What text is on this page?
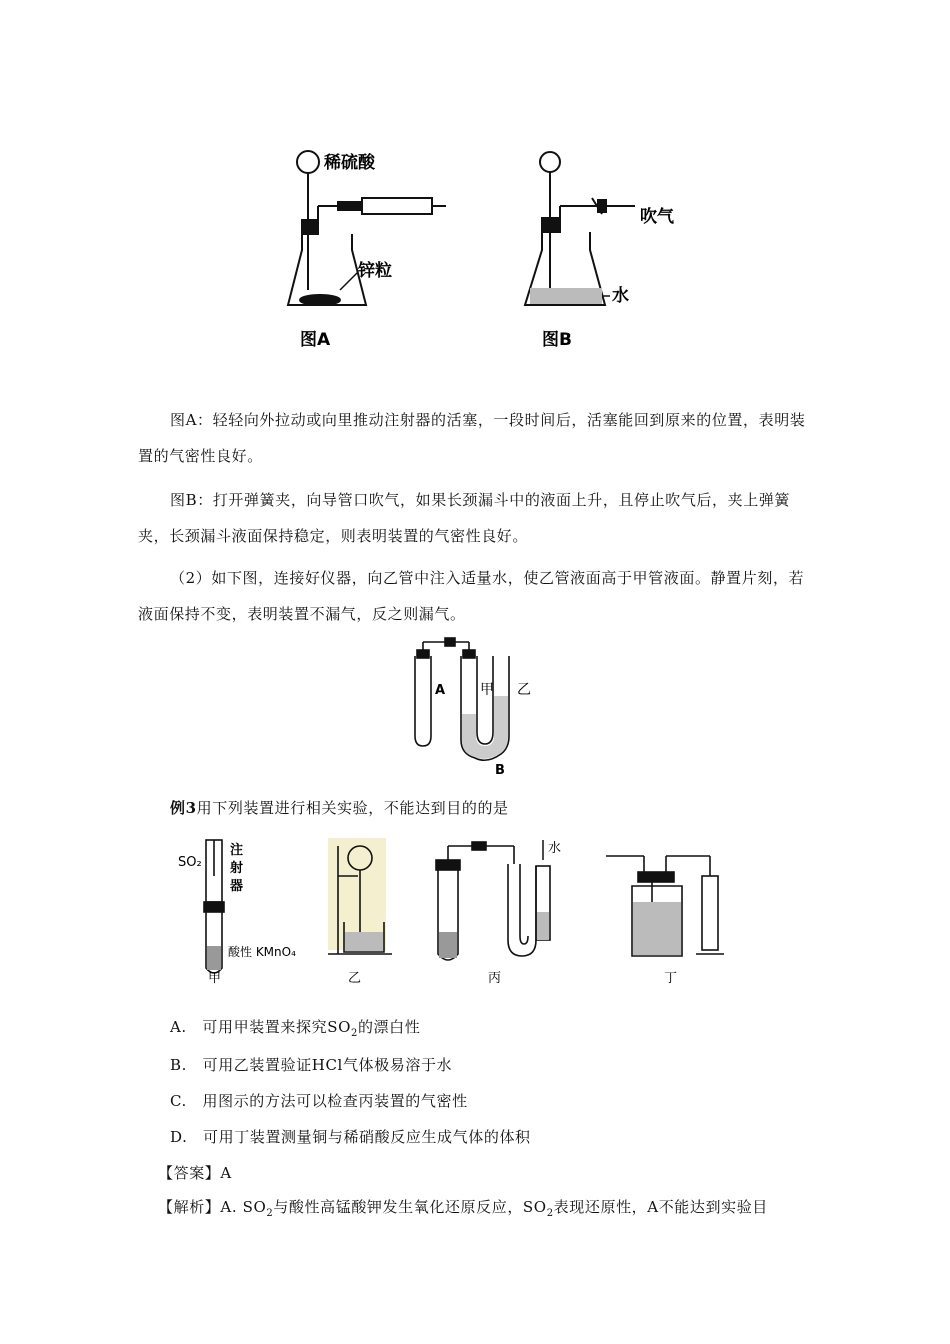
稀硫酸
锌粒
图A
吹气
水
图B

图A：轻轻向外拉动或向里推动注射器的活塞，一段时间后，活塞能回到原来的位置，表明装置的气密性良好。

图B：打开弹簧夹，向导管口吹气，如果长颈漏斗中的液面上升，且停止吹气后，夹上弹簧夹，长颈漏斗液面保持稳定，则表明装置的气密性良好。

（2）如下图，连接好仪器，向乙管中注入适量水，使乙管液面高于甲管液面。静置片刻，若液面保持不变，表明装置不漏气，反之则漏气。

A 甲 乙
B

例3用下列装置进行相关实验，不能达到目的的是

SO₂
注
射
器
酸性 KMnO₄
甲	乙
水
丙	丁

A.　可用甲装置来探究$SO_2$的漂白性

B.　可用乙装置验证HCl气体极易溶于水

C.　用图示的方法可以检查丙装置的气密性

D.　可用丁装置测量铜与稀硝酸反应生成气体的体积

【答案】A

【解析】A. $SO_2$与酸性高锰酸钾发生氧化还原反应，$SO_2$表现还原性，A不能达到实验目
